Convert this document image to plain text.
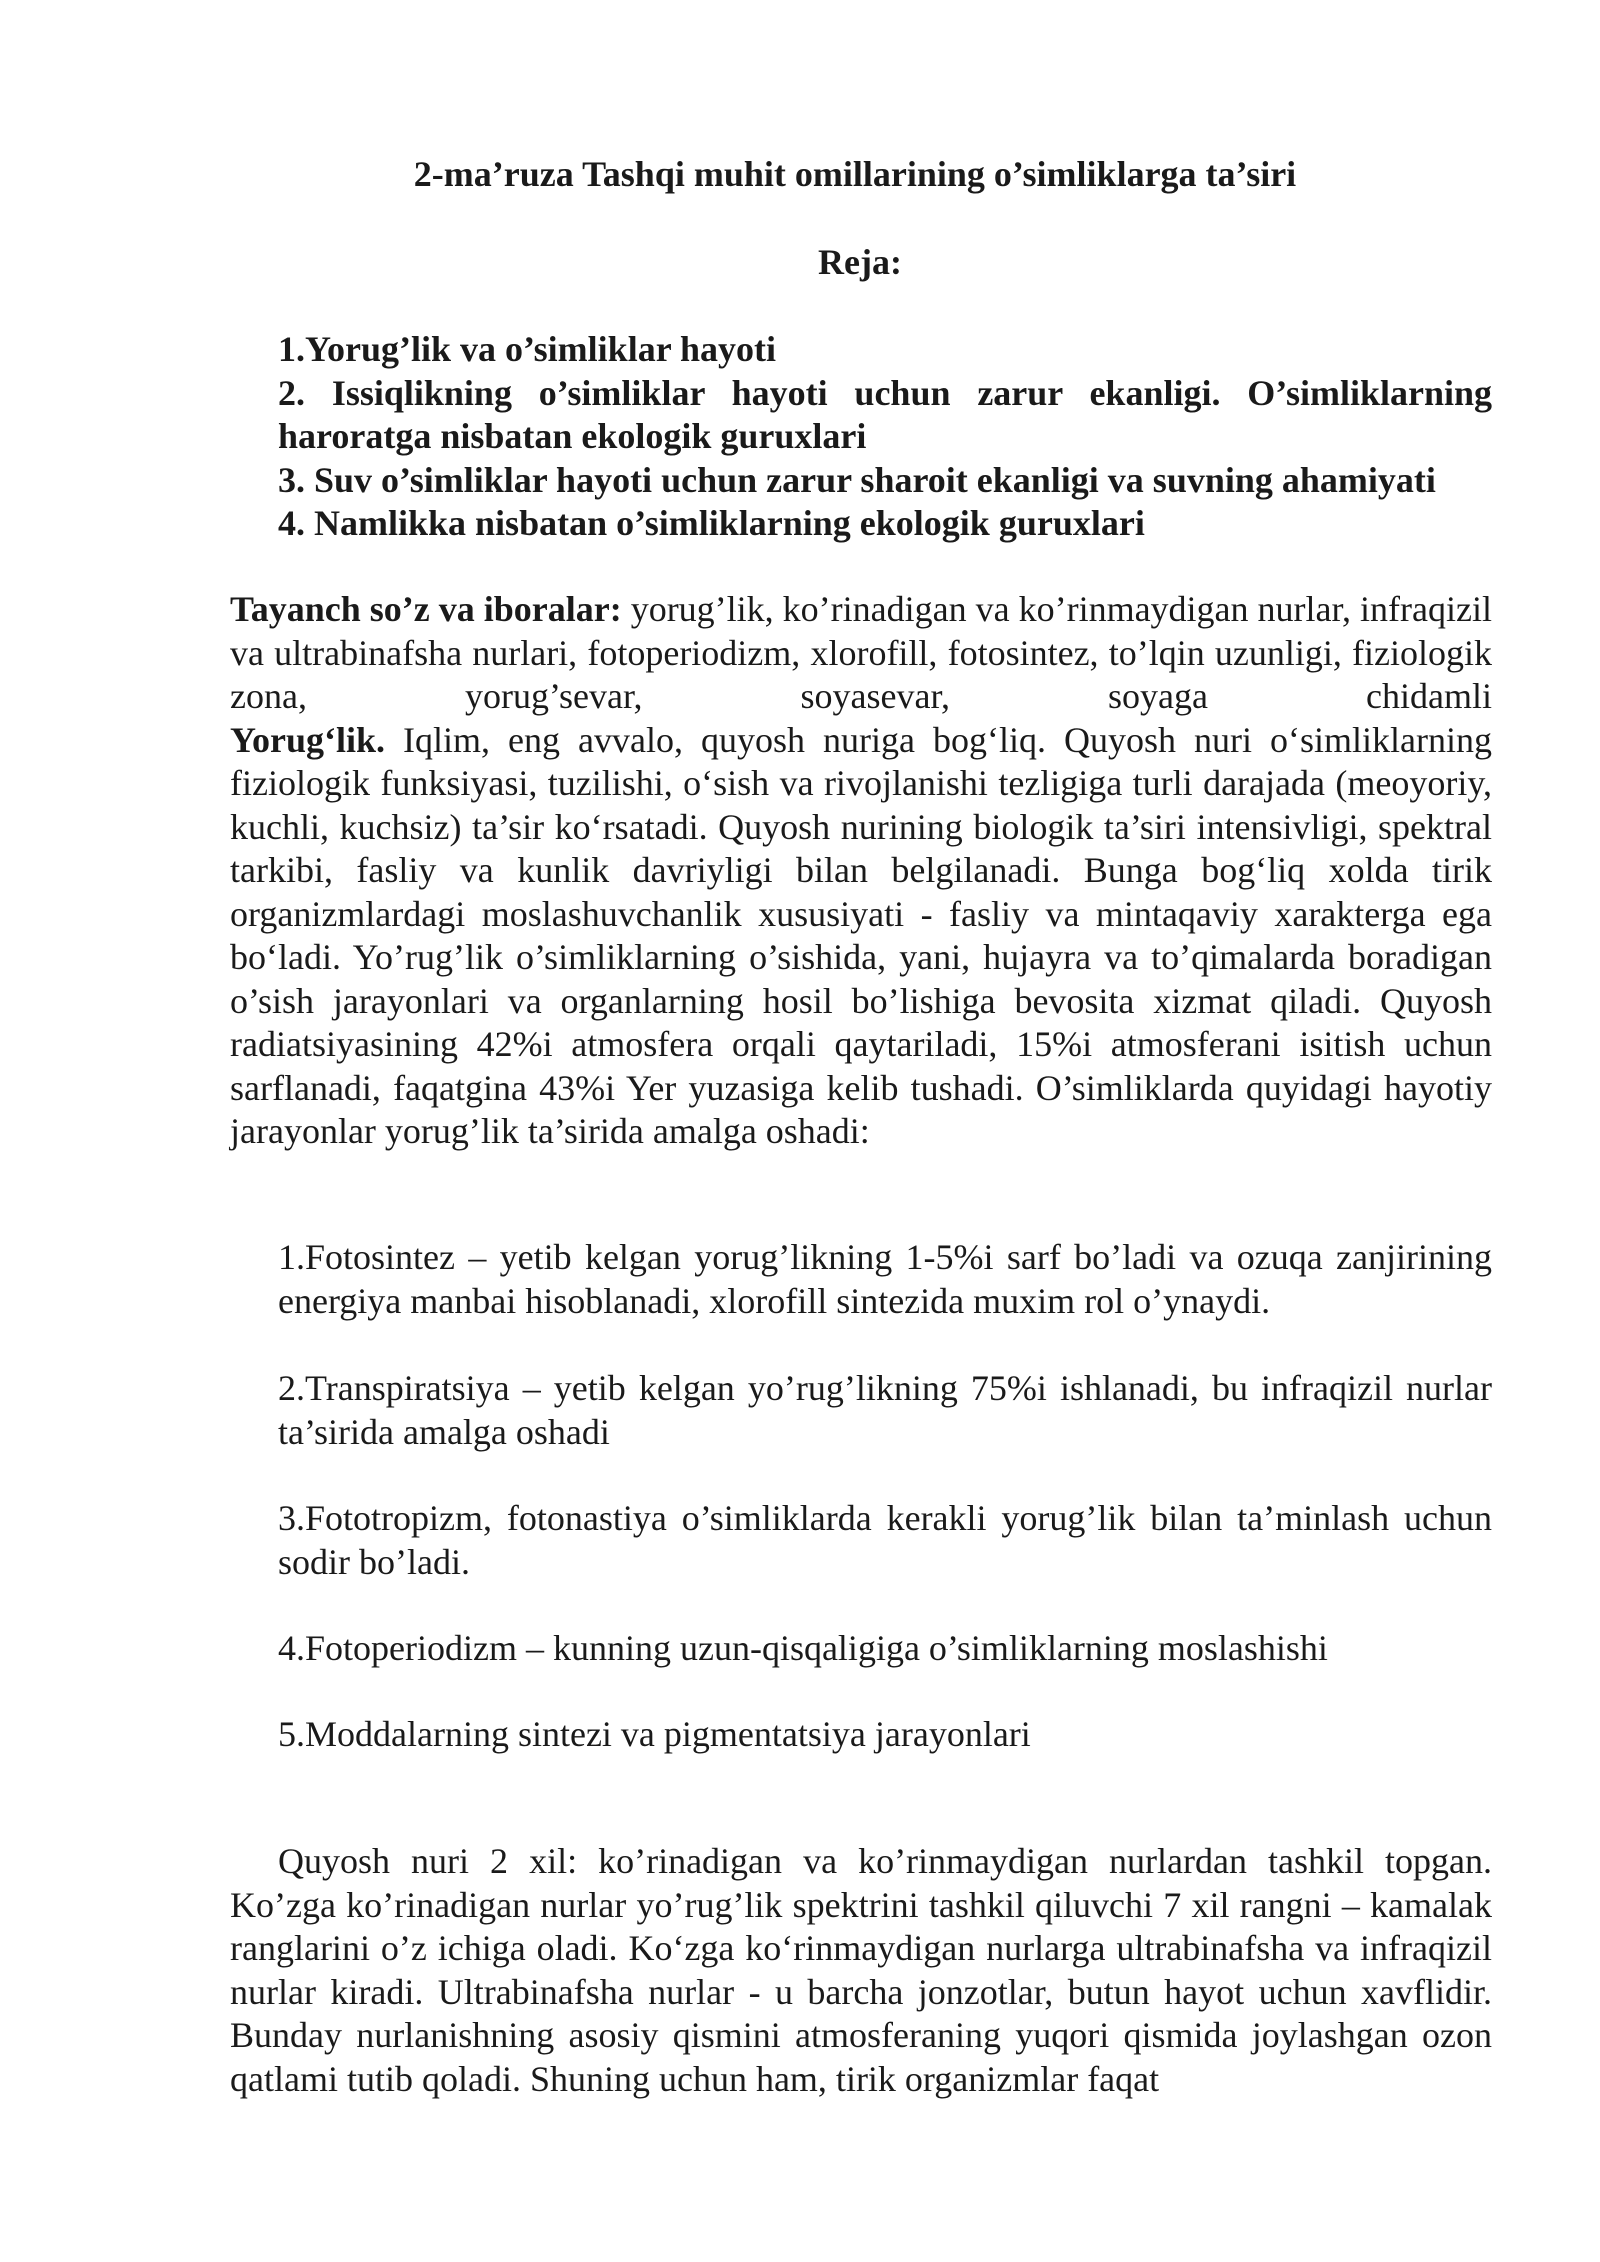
2-ma’ruza Tashqi muhit omillarining o’simliklarga ta’siri
Reja:
1.Yorug’lik va o’simliklar hayoti
2. Issiqlikning o’simliklar hayoti uchun zarur ekanligi. O’simliklarning
haroratga nisbatan ekologik guruxlari
3. Suv o’simliklar hayoti uchun zarur sharoit ekanligi va suvning ahamiyati
4. Namlikka nisbatan o’simliklarning ekologik guruxlari
Tayanch so’z va iboralar: yorug’lik, ko’rinadigan va ko’rinmaydigan nurlar, infraqizil va ultrabinafsha nurlari, fotoperiodizm, xlorofill, fotosintez, to’lqin uzunligi, fiziologik zona, yorug’sevar, soyasevar, soyaga chidamli
Yorug‘lik. Iqlim, eng avvalo, quyosh nuriga bog‘liq. Quyosh nuri o‘simliklarning fiziologik funksiyasi, tuzilishi, o‘sish va rivojlanishi tezligiga turli darajada (meoyoriy, kuchli, kuchsiz) ta’sir ko‘rsatadi. Quyosh nurining biologik ta’siri intensivligi, spektral tarkibi, fasliy va kunlik davriyligi bilan belgilanadi. Bunga bog‘liq xolda tirik organizmlardagi moslashuvchanlik xususiyati - fasliy va mintaqaviy xarakterga ega bo‘ladi. Yo’rug’lik o’simliklarning o’sishida, yani, hujayra va to’qimalarda boradigan o’sish jarayonlari va organlarning hosil bo’lishiga bevosita xizmat qiladi. Quyosh radiatsiyasining 42%i atmosfera orqali qaytariladi, 15%i atmosferani isitish uchun sarflanadi, faqatgina 43%i Yer yuzasiga kelib tushadi. O’simliklarda quyidagi hayotiy jarayonlar yorug’lik ta’sirida amalga oshadi:
1.Fotosintez – yetib kelgan yorug’likning 1-5%i sarf bo’ladi va ozuqa zanjirining energiya manbai hisoblanadi, xlorofill sintezida muxim rol o’ynaydi.
2.Transpiratsiya – yetib kelgan yo’rug’likning 75%i ishlanadi, bu infraqizil nurlar ta’sirida amalga oshadi
3.Fototropizm, fotonastiya o’simliklarda kerakli yorug’lik bilan ta’minlash uchun sodir bo’ladi.
4.Fotoperiodizm – kunning uzun-qisqaligiga o’simliklarning moslashishi
5.Moddalarning sintezi va pigmentatsiya jarayonlari
Quyosh nuri 2 xil: ko’rinadigan va ko’rinmaydigan nurlardan tashkil topgan. Ko’zga ko’rinadigan nurlar yo’rug’lik spektrini tashkil qiluvchi 7 xil rangni – kamalak ranglarini o’z ichiga oladi. Ko‘zga ko‘rinmaydigan nurlarga ultrabinafsha va infraqizil nurlar kiradi. Ultrabinafsha nurlar - u barcha jonzotlar, butun hayot uchun xavflidir. Bunday nurlanishning asosiy qismini atmosferaning yuqori qismida joylashgan ozon qatlami tutib qoladi. Shuning uchun ham, tirik organizmlar faqat
